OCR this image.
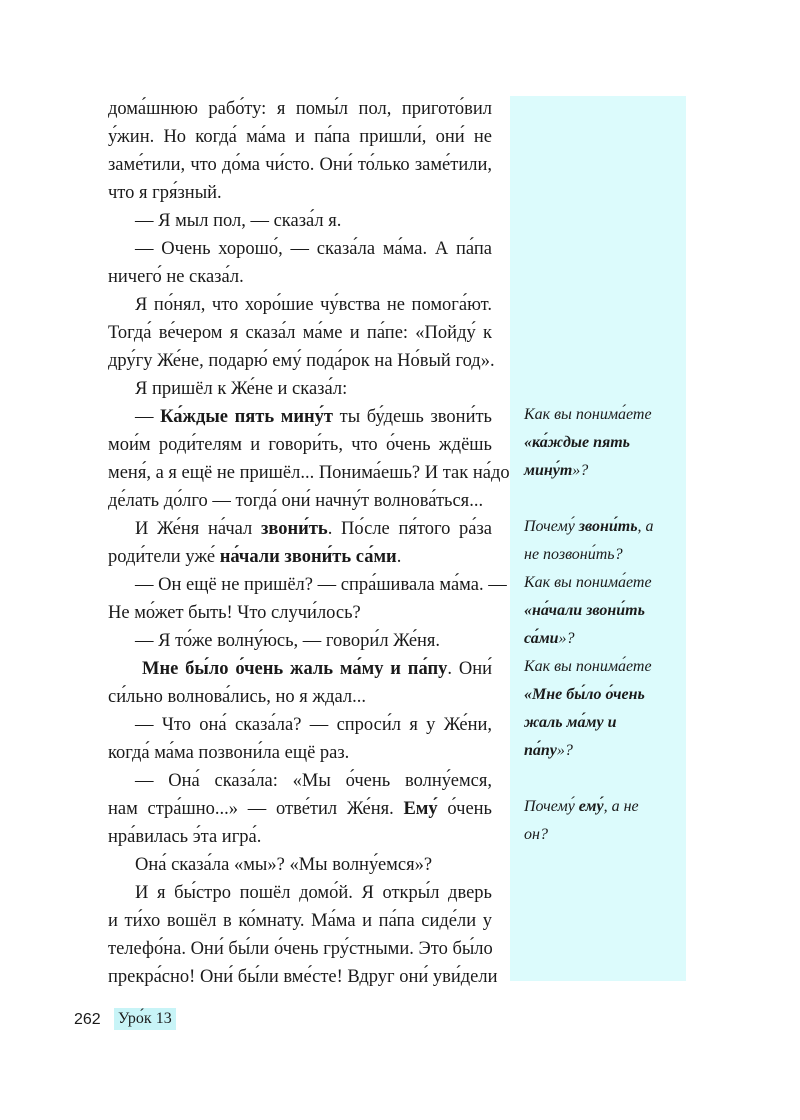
дома́шнюю рабо́ту: я помы́л пол, пригото́вил
у́жин. Но когда́ ма́ма и па́па пришли́, они́ не
заме́тили, что до́ма чи́сто. Они́ то́лько заме́тили,
что я гря́зный.
— Я мыл пол, — сказа́л я.
— Очень хорошо́, — сказа́ла ма́ма. А па́па
ничего́ не сказа́л.
Я по́нял, что хоро́шие чу́вства не помога́ют.
Тогда́ ве́чером я сказа́л ма́ме и па́пе: «Пойду́ к
дру́гу Же́не, подарю́ ему́ пода́рок на Но́вый год».
Я пришёл к Же́не и сказа́л:
— Ка́ждые пять мину́т ты бу́дешь звони́ть
мои́м роди́телям и говори́ть, что о́чень ждёшь
меня́, а я ещё не пришёл... Понима́ешь? И так на́до
де́лать до́лго — тогда́ они́ начну́т волнова́ться...
И Же́ня на́чал звони́ть. По́сле пя́того ра́за
роди́тели уже́ на́чали звони́ть са́ми.
— Он ещё не пришёл? — спра́шивала ма́ма. —
Не мо́жет быть! Что случи́лось?
— Я то́же волну́юсь, — говори́л Же́ня.
Мне бы́ло о́чень жаль ма́му и па́пу. Они́
си́льно волнова́лись, но я ждал...
— Что она́ сказа́ла? — спроси́л я у Же́ни,
когда́ ма́ма позвони́ла ещё раз.
— Она́ сказа́ла: «Мы о́чень волну́емся,
нам стра́шно...» — отве́тил Же́ня. Ему́ о́чень
нра́вилась э́та игра́.
Она́ сказа́ла «мы»? «Мы волну́емся»?
И я бы́стро пошёл домо́й. Я откры́л дверь
и ти́хо вошёл в ко́мнату. Ма́ма и па́па сиде́ли у
телефо́на. Они́ бы́ли о́чень гру́стными. Это бы́ло
прекра́сно! Они́ бы́ли вме́сте! Вдруг они́ уви́дели
Как вы понима́ете
«ка́ждые пять
мину́т»?
Почему́ звони́ть, а
не позвони́ть?
Как вы понима́ете
«на́чали звони́ть
са́ми»?
Как вы понима́ете
«Мне бы́ло о́чень
жаль ма́му и
па́пу»?
Почему́ ему́, а не
он?
262 Уро́к 13
